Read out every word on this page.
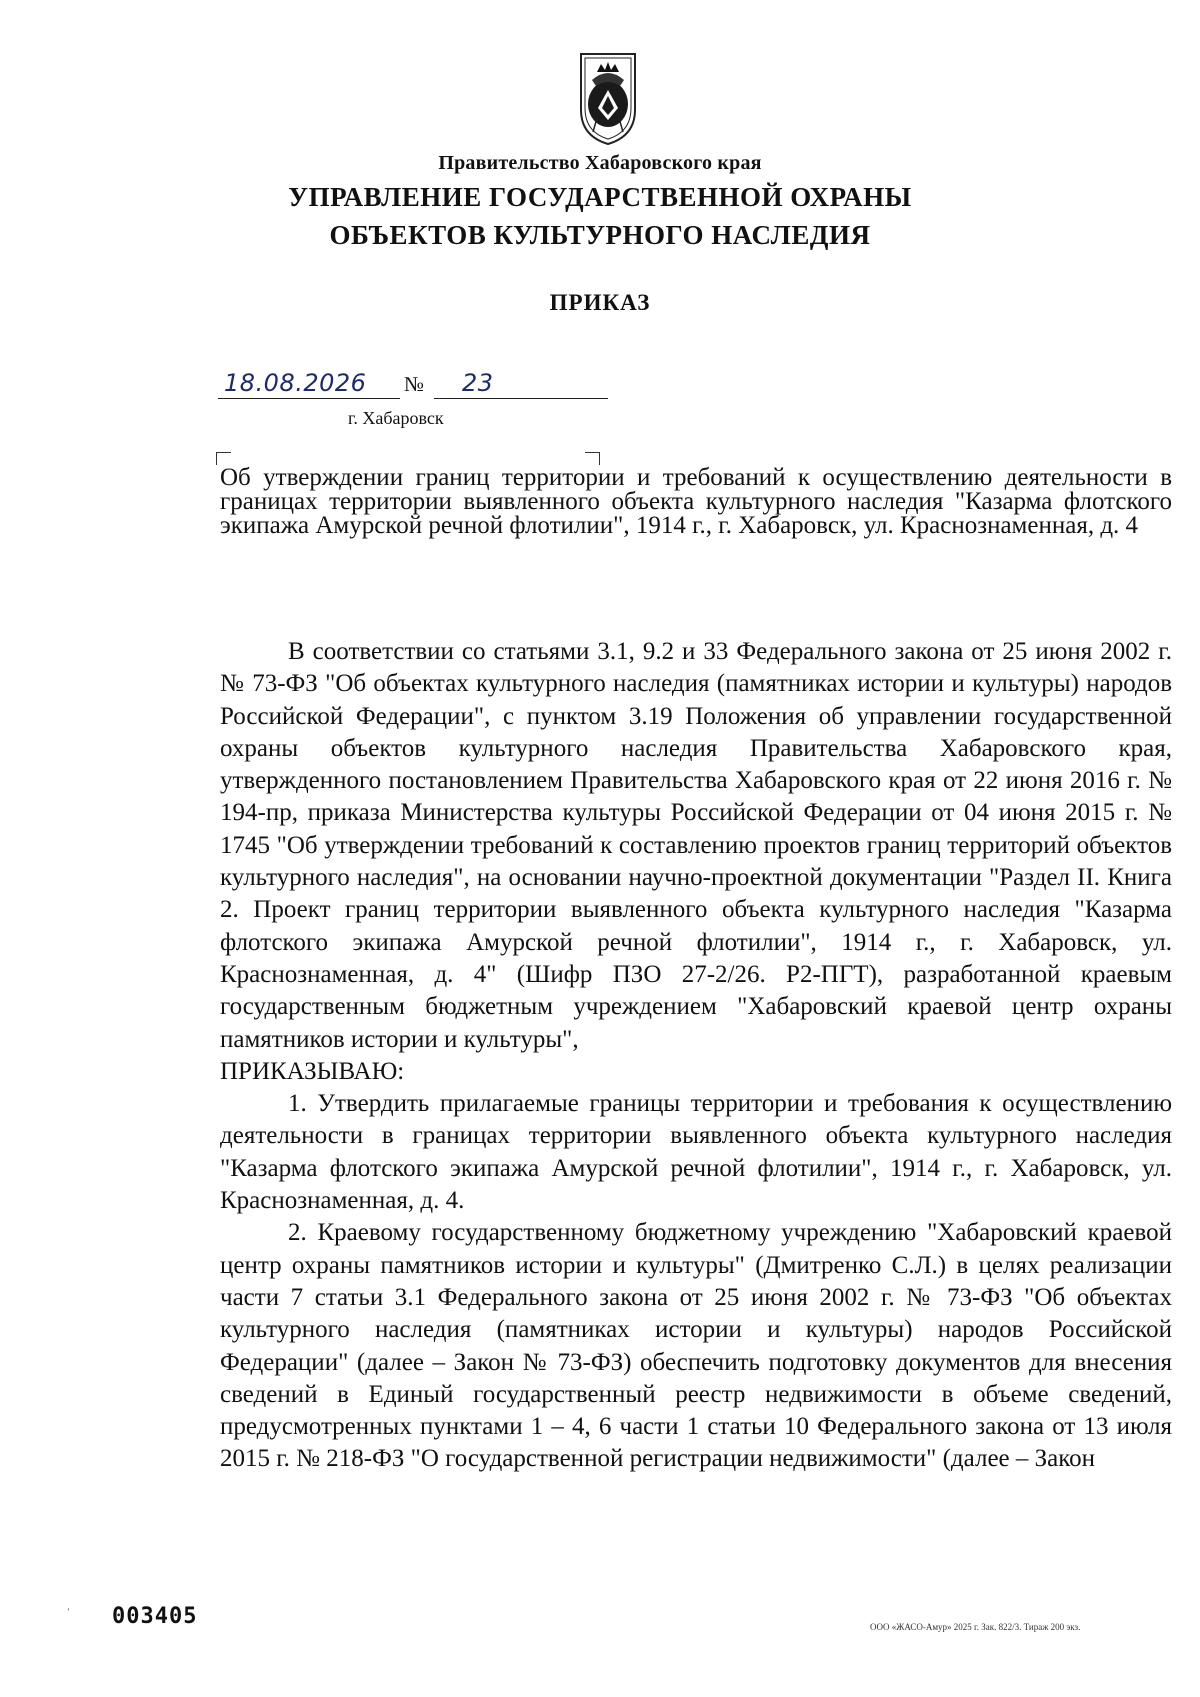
Правительство Хабаровского края
УПРАВЛЕНИЕ ГОСУДАРСТВЕННОЙ ОХРАНЫ
ОБЪЕКТОВ КУЛЬТУРНОГО НАСЛЕДИЯ
ПРИКАЗ
18.08.2026 № 23
г. Хабаровск
Об утверждении границ территории и требований к осуществлению деятельности в границах территории выявленного объекта культурного наследия "Казарма флотского экипажа Амурской речной флотилии", 1914 г., г. Хабаровск, ул. Краснознаменная, д. 4

В соответствии со статьями 3.1, 9.2 и 33 Федерального закона от 25 июня 2002 г. № 73-ФЗ "Об объектах культурного наследия (памятниках истории и культуры) народов Российской Федерации", с пунктом 3.19 Положения об управлении государственной охраны объектов культурного наследия Правительства Хабаровского края, утвержденного постановлением Правительства Хабаровского края от 22 июня 2016 г. № 194-пр, приказа Министерства культуры Российской Федерации от 04 июня 2015 г. № 1745 "Об утверждении требований к составлению проектов границ территорий объектов культурного наследия", на основании научно-проектной документации "Раздел II. Книга 2. Проект границ территории выявленного объекта культурного наследия "Казарма флотского экипажа Амурской речной флотилии", 1914 г., г. Хабаровск, ул. Краснознаменная, д. 4" (Шифр ПЗО 27-2/26. Р2-ПГТ), разработанной краевым государственным бюджетным учреждением "Хабаровский краевой центр охраны памятников истории и культуры",

ПРИКАЗЫВАЮ:

1. Утвердить прилагаемые границы территории и требования к осуществлению деятельности в границах территории выявленного объекта культурного наследия "Казарма флотского экипажа Амурской речной флотилии", 1914 г., г. Хабаровск, ул. Краснознаменная, д. 4.

2. Краевому государственному бюджетному учреждению "Хабаровский краевой центр охраны памятников истории и культуры" (Дмитренко С.Л.) в целях реализации части 7 статьи 3.1 Федерального закона от 25 июня 2002 г. № 73-ФЗ "Об объектах культурного наследия (памятниках истории и культуры) народов Российской Федерации" (далее – Закон № 73-ФЗ) обеспечить подготовку документов для внесения сведений в Единый государственный реестр недвижимости в объеме сведений, предусмотренных пунктами 1 – 4, 6 части 1 статьи 10 Федерального закона от 13 июля 2015 г. № 218-ФЗ "О государственной регистрации недвижимости" (далее – Закон

ˈ 003405	ООО «ЖАСО-Амур» 2025 г. Зак. 822/3. Тираж 200 экз.
